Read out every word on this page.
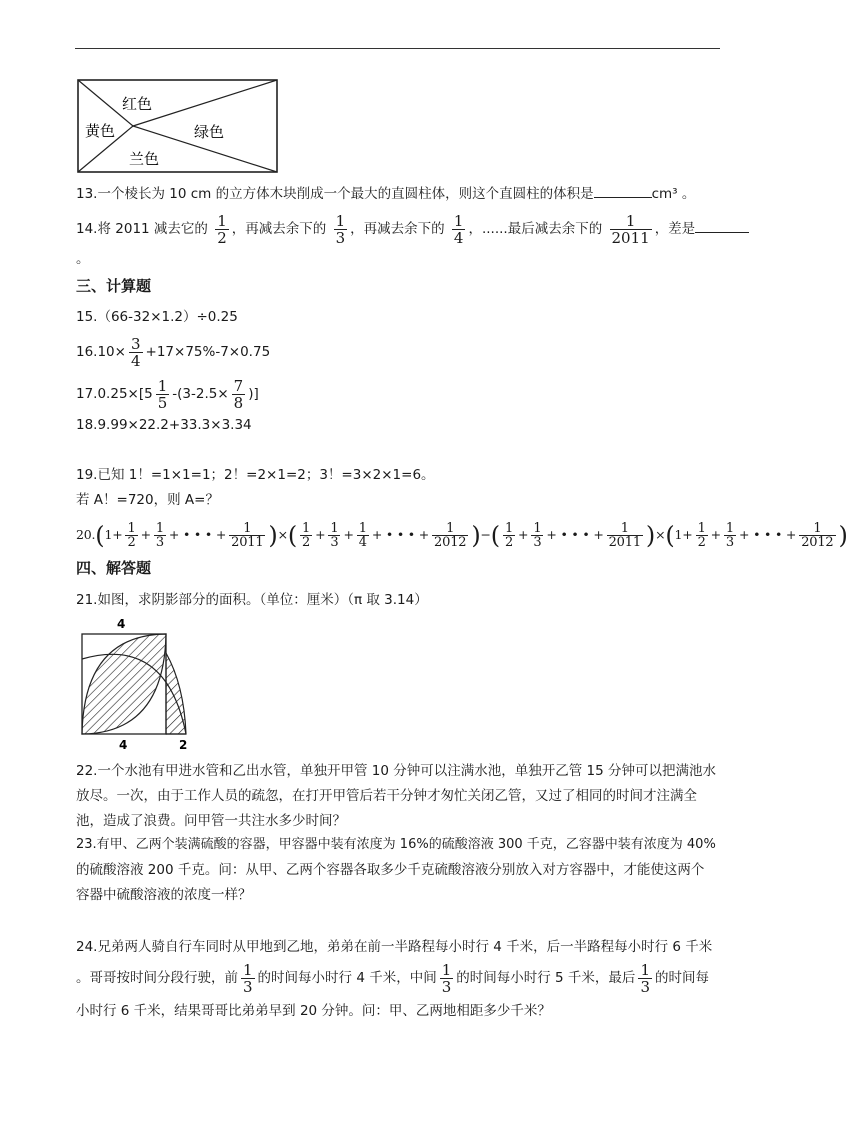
红色
黄色	绿色
兰色
13.一个棱长为 10 cm 的立方体木块削成一个最大的直圆柱体，则这个直圆柱的体积是	cm³ 。
14.将 2011 减去它的 $\frac{1}{2}$ ，再减去余下的 $\frac{1}{3}$ ，再减去余下的 $\frac{1}{4}$ ，......最后减去余下的 $\frac{1}{2011}$ ，差是
。
三、计算题
15.（66-32×1.2）÷0.25
$16.10\times \frac{3}{4} +17\times 75\%-7\times 0.75$
$17.0.25\times[5 \frac{1}{5} -(3-2.5\times \frac{7}{8}$ )]
18.9.99×22.2+33.3×3.34
19.已知 1！=1×1=1；2！=2×1=2；3！=3×2×1=6。
若 A！=720，则 A=？
$20.(1+ \frac{1}{2} + \frac{1}{3}$ + • • • + $\frac{1}{2011}$ )×( $\frac{1}{2} + \frac{1}{3} + \frac{1}{4}$ + • • • + $\frac{1}{2012}$ )−( $\frac{1}{2} + \frac{1}{3}$ + • • • + $\frac{1}{2011} )\times(1+ \frac{1}{2} + \frac{1}{3}$ + • • • + $\frac{1}{2012}$ )
四、解答题
21.如图，求阴影部分的面积。（单位：厘米）（π 取 3.14）
4
4	2
22.一个水池有甲进水管和乙出水管，单独开甲管 10 分钟可以注满水池，单独开乙管 15 分钟可以把满池水
放尽。一次，由于工作人员的疏忽，在打开甲管后若干分钟才匆忙关闭乙管，又过了相同的时间才注满全
池，造成了浪费。问甲管一共注水多少时间？
23.有甲、乙两个装满硫酸的容器，甲容器中装有浓度为 16%的硫酸溶液 300 千克，乙容器中装有浓度为 40%
的硫酸溶液 200 千克。问：从甲、乙两个容器各取多少千克硫酸溶液分别放入对方容器中，才能使这两个
容器中硫酸溶液的浓度一样？
24.兄弟两人骑自行车同时从甲地到乙地，弟弟在前一半路程每小时行 4 千米，后一半路程每小时行 6 千米
。哥哥按时间分段行驶，前 $\frac{1}{3}$ 的时间每小时行 4 千米，中间 $\frac{1}{3}$ 的时间每小时行 5 千米，最后 $\frac{1}{3}$ 的时间每
小时行 6 千米，结果哥哥比弟弟早到 20 分钟。问：甲、乙两地相距多少千米？
